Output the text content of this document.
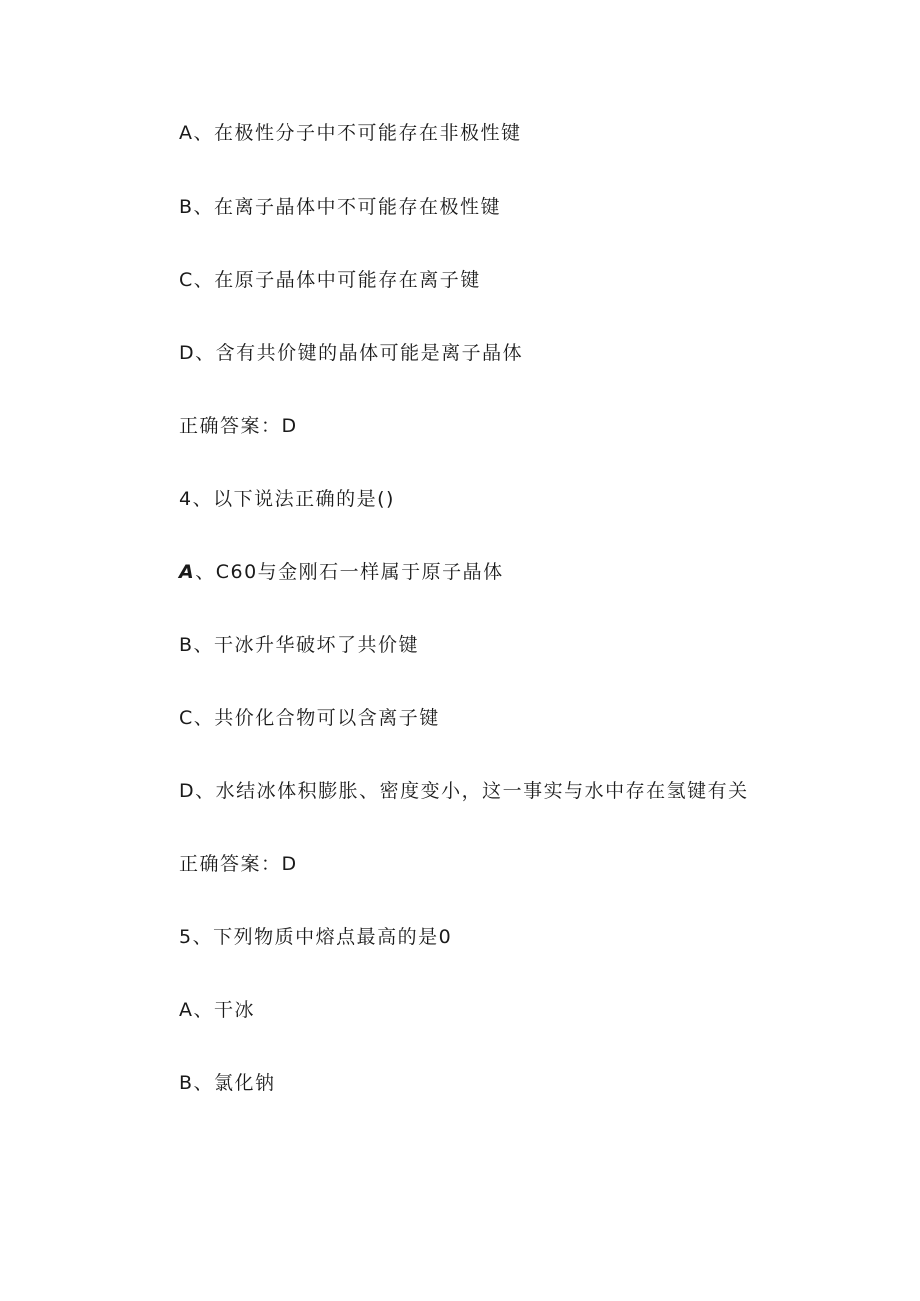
A、在极性分子中不可能存在非极性键
B、在离子晶体中不可能存在极性键
C、在原子晶体中可能存在离子键
D、含有共价键的晶体可能是离子晶体
正确答案：D
4、以下说法正确的是()
A、C60与金刚石一样属于原子晶体
B、干冰升华破坏了共价键
C、共价化合物可以含离子键
D、水结冰体积膨胀、密度变小，这一事实与水中存在氢键有关
正确答案：D
5、下列物质中熔点最高的是0
A、干冰
B、氯化钠
